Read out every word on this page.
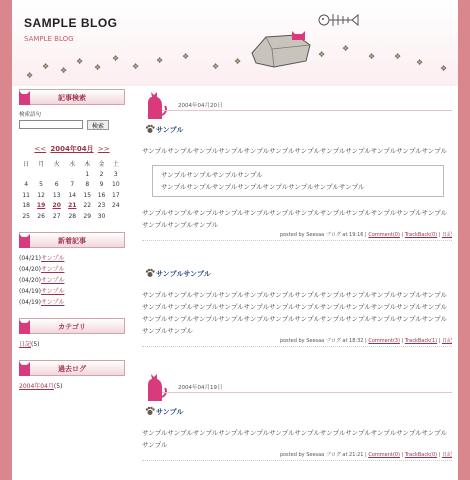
SAMPLE BLOG
SAMPLE BLOG
❖
❖ ❖
❖
❖
❖
❖
❖ ❖
❖
❖
❖
❖
❖ ❖
❖
❖
記事検索
検索語句
検索
<< 2004年04月 >>
日	月	火	水	木	金	土
				1	2	3
4	5	6	7	8	9	10
11	12	13	14	15	16	17
18	19	20	21	22	23	24
25	26	27	28	29	30	
新着記事
(04/21)サンプル
(04/20)サンプル
(04/20)サンプル
(04/19)サンプル
(04/19)サンプル
カテゴリ
日記(5)
過去ログ
2004年04月(5)
2004年04月20日
サンプル
サンプルサンプルサンプルサンプルサンプルサンプルサンプルサンプルサンプルサンプルサンプルサンプル
サンプルサンプルサンプルサンプル
サンプルサンプルサンプルサンプルサンプルサンプルサンプルサンプル
サンプルサンプルサンプルサンプルサンプルサンプルサンプルサンプルサンプルサンプルサンプルサンプルサンプルサンプルサンプル
posted by Seesaa ブログ at 19:16 | Comment(0) | TrackBack(0) | 日記
サンプルサンプル
サンプルサンプルサンプルサンプルサンプルサンプルサンプルサンプルサンプルサンプルサンプルサンプルサンプルサンプルサンプルサンプルサンプルサンプルサンプルサンプルサンプルサンプルサンプルサンプルサンプルサンプルサンプルサンプルサンプルサンプルサンプルサンプルサンプルサンプルサンプルサンプルサンプルサンプル
posted by Seesaa ブログ at 18:32 | Comment(3) | TrackBack(1) | 日記
2004年04月19日
サンプル
サンプルサンプルサンプルサンプルサンプルサンプルサンプルサンプルサンプルサンプルサンプルサンプルサンプル
posted by Seesaa ブログ at 21:21 | Comment(0) | TrackBack(0) | 日記
